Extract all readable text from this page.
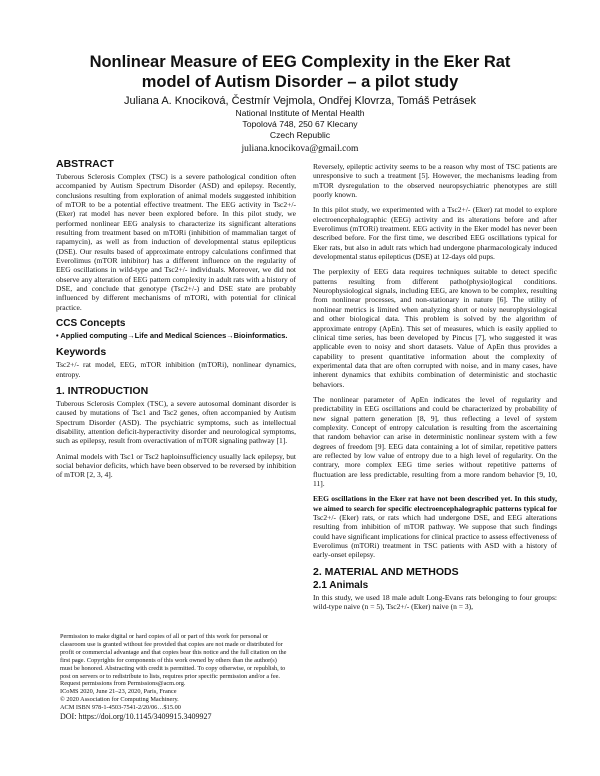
Nonlinear Measure of EEG Complexity in the Eker Rat
model of Autism Disorder – a pilot study
Juliana A. Knociková, Čestmír Vejmola, Ondřej Klovrza, Tomáš Petrásek
National Institute of Mental Health
Topolová 748, 250 67 Klecany
Czech Republic
juliana.knocikova@gmail.com
ABSTRACT

Tuberous Sclerosis Complex (TSC) is a severe pathological condition often accompanied by Autism Spectrum Disorder (ASD) and epilepsy. Recently, conclusions resulting from exploration of animal models suggested inhibition of mTOR to be a potential effective treatment. The EEG activity in Tsc2+/-(Eker) rat model has never been explored before. In this pilot study, we performed nonlinear EEG analysis to characterize its significant alterations resulting from treatment based on mTORi (inhibition of mammalian target of rapamycin), as well as from induction of developmental status epilepticus (DSE). Our results based of approximate entropy calculations confirmed that Everolimus (mTOR inhibitor) has a different influence on the regularity of EEG oscillations in wild-type and Tsc2+/- individuals. Moreover, we did not observe any alteration of EEG pattern complexity in adult rats with a history of DSE, and conclude that genotype (Tsc2+/-) and DSE state are probably influenced by different mechanisms of mTORi, with potential for clinical practice.

CCS Concepts
• Applied computing→Life and Medical Sciences→Bioinformatics.
Keywords

Tsc2+/- rat model, EEG, mTOR inhibition (mTORi), nonlinear dynamics, entropy.

1. INTRODUCTION

Tuberous Sclerosis Complex (TSC), a severe autosomal dominant disorder is caused by mutations of Tsc1 and Tsc2 genes, often accompanied by Autism Spectrum Disorder (ASD). The psychiatric symptoms, such as intellectual disability, attention deficit-hyperactivity disorder and neurological symptoms, such as epilepsy, result from overactivation of mTOR signaling pathway [1].

Animal models with Tsc1 or Tsc2 haploinsufficiency usually lack epilepsy, but social behavior deficits, which have been observed to be reversed by inhibition of mTOR [2, 3, 4].

Permission to make digital or hard copies of all or part of this work for personal or classroom use is granted without fee provided that copies are not made or distributed for profit or commercial advantage and that copies bear this notice and the full citation on the first page. Copyrights for components of this work owned by others than the author(s) must be honored. Abstracting with credit is permitted. To copy otherwise, or republish, to post on servers or to redistribute to lists, requires prior specific permission and/or a fee. Request permissions from Permissions@acm.org.
ICoMS 2020, June 21–23, 2020, Paris, France
© 2020 Association for Computing Machinery.
ACM ISBN 978-1-4503-7541-2/20/06…$15.00
DOI: https://doi.org/10.1145/3409915.3409927

Reversely, epileptic activity seems to be a reason why most of TSC patients are unresponsive to such a treatment [5]. However, the mechanisms leading from mTOR dysregulation to the observed neuropsychiatric phenotypes are still poorly known.

In this pilot study, we experimented with a Tsc2+/- (Eker) rat model to explore electroencephalographic (EEG) activity and its alterations before and after Everolimus (mTORi) treatment. EEG activity in the Eker model has never been described before. For the first time, we described EEG oscillations typical for Eker rats, but also in adult rats which had undergone pharmacologicaly induced developmental status epilepticus (DSE) at 12-days old pups.

The perplexity of EEG data requires techniques suitable to detect specific patterns resulting from different patho(physio)logical conditions. Neurophysiological signals, including EEG, are known to be complex, resulting from nonlinear processes, and non-stationary in nature [6]. The utility of nonlinear metrics is limited when analyzing short or noisy neurophysiological and other biological data. This problem is solved by the algorithm of approximate entropy (ApEn). This set of measures, which is easily applied to clinical time series, has been developed by Pincus [7], who suggested it was applicable even to noisy and short datasets. Value of ApEn thus provides a capability to present quantitative information about the complexity of experimental data that are often corrupted with noise, and in many cases, have inherent dynamics that exhibits combination of deterministic and stochastic behaviors.

The nonlinear parameter of ApEn indicates the level of regularity and predictability in EEG oscillations and could be characterized by probability of new signal pattern generation [8, 9], thus reflecting a level of system complexity. Concept of entropy calculation is resulting from the ascertaining that random behavior can arise in deterministic nonlinear system with a few degrees of freedom [9]. EEG data containing a lot of similar, repetitive patters are reflected by low value of entropy due to a high level of regularity. On the contrary, more complex EEG time series without repetitive patterns of fluctuation are less predictable, resulting from a more random behavior [9, 10, 11].

EEG oscillations in the Eker rat have not been described yet. In this study, we aimed to search for specific electroencephalographic patterns typical for Tsc2+/- (Eker) rats, or rats which had undergone DSE, and EEG alterations resulting from inhibition of mTOR pathway. We suppose that such findings could have significant implications for clinical practice to assess effectiveness of Everolimus (mTORi) treatment in TSC patients with ASD with a history of early-onset epilepsy.

2. MATERIAL AND METHODS
2.1 Animals

In this study, we used 18 male adult Long-Evans rats belonging to four groups: wild-type naive (n = 5), Tsc2+/- (Eker) naive (n = 3),
